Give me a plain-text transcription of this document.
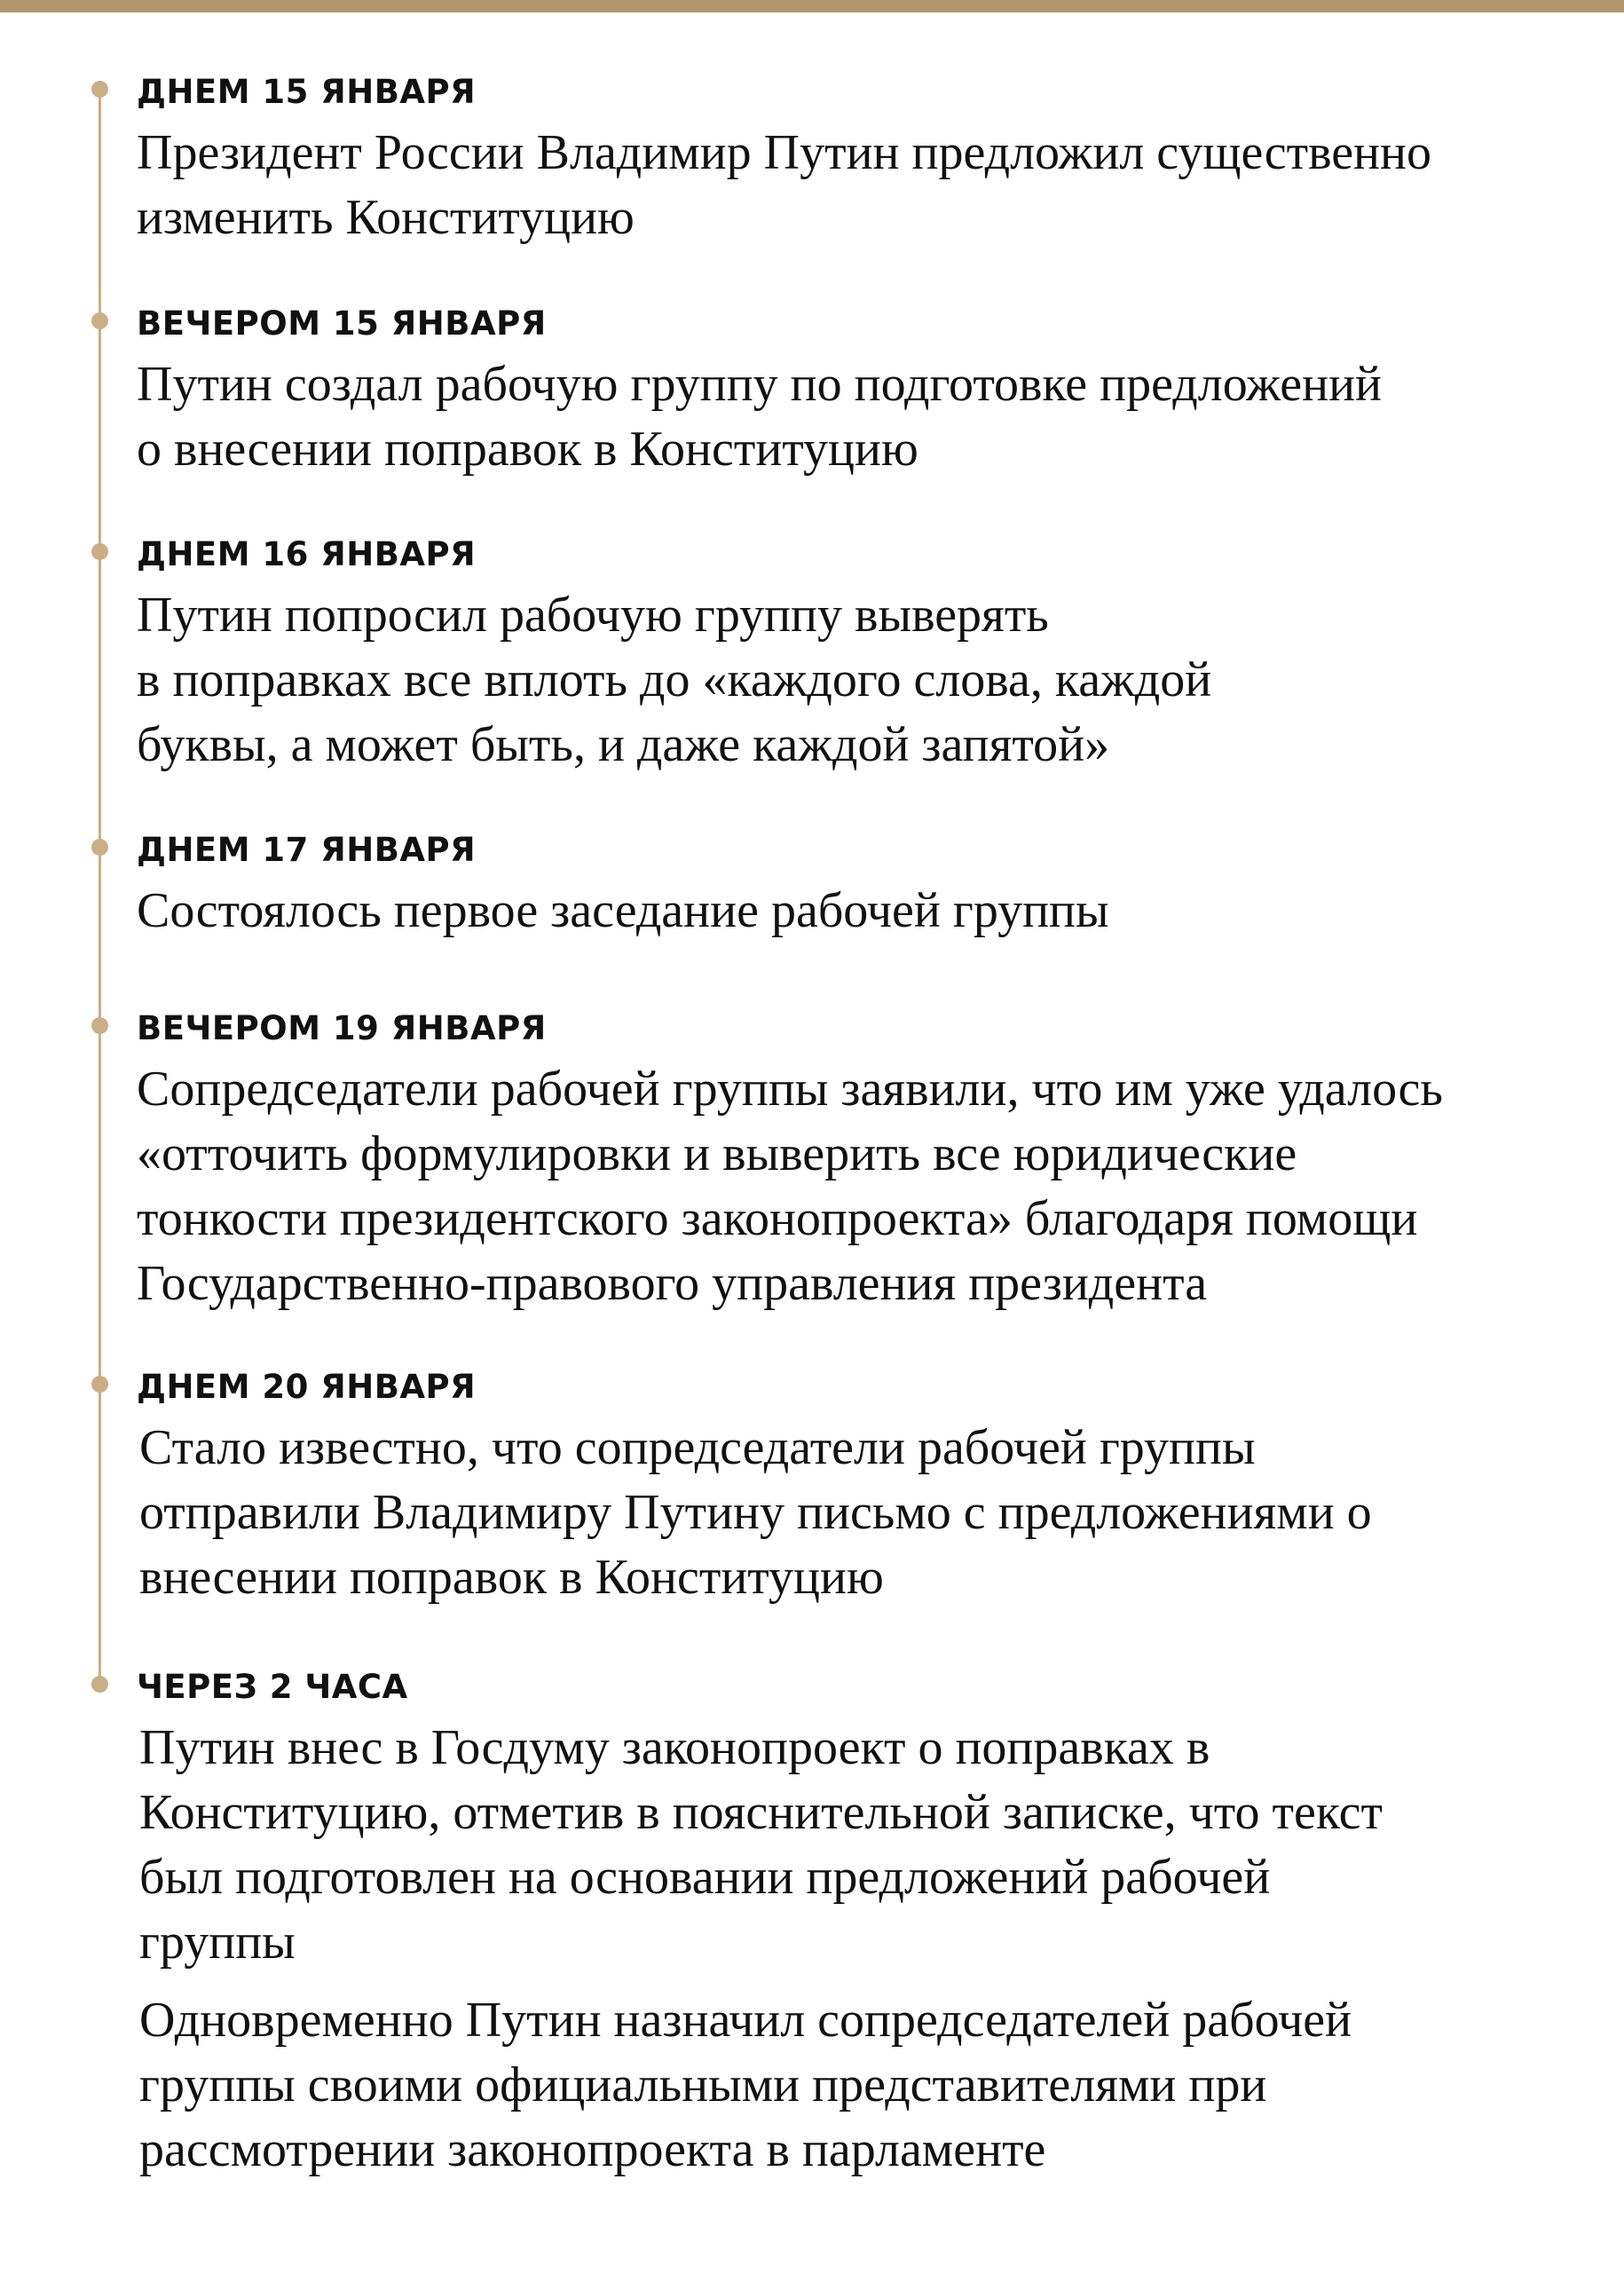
ДНЕМ 15 ЯНВАРЯ
Президент России Владимир Путин предложил существенно
изменить Конституцию
ВЕЧЕРОМ 15 ЯНВАРЯ
Путин создал рабочую группу по подготовке предложений
о внесении поправок в Конституцию
ДНЕМ 16 ЯНВАРЯ
Путин попросил рабочую группу выверять
в поправках все вплоть до «каждого слова, каждой
буквы, а может быть, и даже каждой запятой»
ДНЕМ 17 ЯНВАРЯ
Состоялось первое заседание рабочей группы
ВЕЧЕРОМ 19 ЯНВАРЯ
Сопредседатели рабочей группы заявили, что им уже удалось
«отточить формулировки и выверить все юридические
тонкости президентского законопроекта» благодаря помощи
Государственно-правового управления президента
ДНЕМ 20 ЯНВАРЯ
Стало известно, что сопредседатели рабочей группы
отправили Владимиру Путину письмо с предложениями о
внесении поправок в Конституцию
ЧЕРЕЗ 2 ЧАСА
Путин внес в Госдуму законопроект о поправках в
Конституцию, отметив в пояснительной записке, что текст
был подготовлен на основании предложений рабочей
группы
Одновременно Путин назначил сопредседателей рабочей
группы своими официальными представителями при
рассмотрении законопроекта в парламенте
